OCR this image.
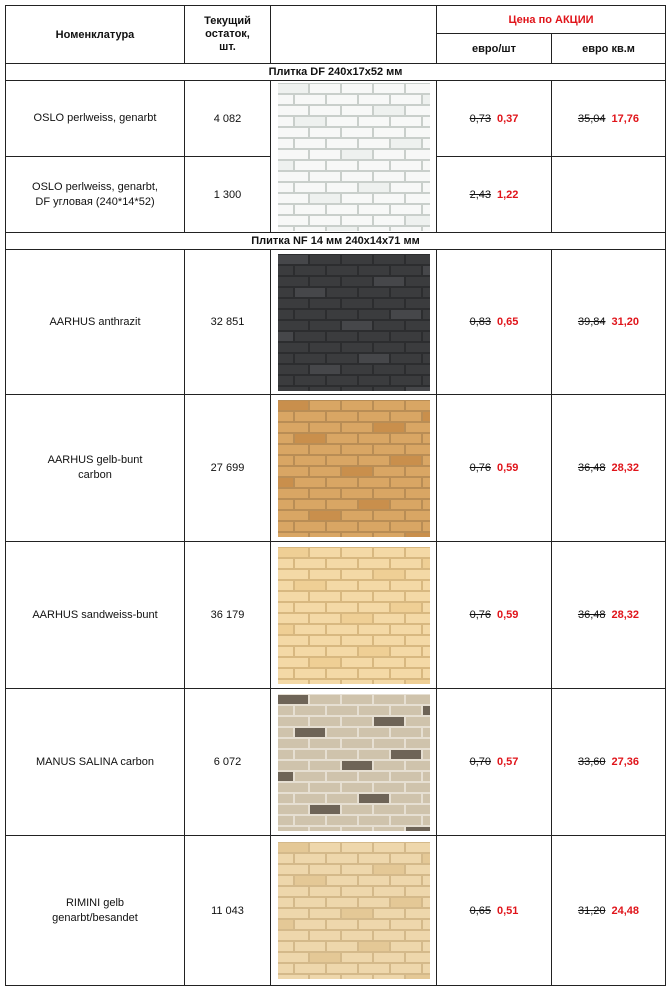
Номенклатура	Текущий
остаток,
шт.		Цена по АКЦИИ	
			евро/шт	евро кв.м
Плитка DF 240x17x52 мм				
OSLO perlweiss, genarbt	4 082		0,73 0,37	35,04 17,76
OSLO perlweiss, genarbt,
DF угловая (240*14*52)	1 300		2,43 1,22	
Плитка NF 14 мм 240x14x71 мм				
AARHUS anthrazit	32 851		0,83 0,65	39,84 31,20
AARHUS gelb-bunt
carbon	27 699		0,76 0,59	36,48 28,32
AARHUS sandweiss-bunt	36 179		0,76 0,59	36,48 28,32
MANUS SALINA carbon	6 072		0,70 0,57	33,60 27,36
RIMINI gelb
genarbt/besandet	11 043		0,65 0,51	31,20 24,48
